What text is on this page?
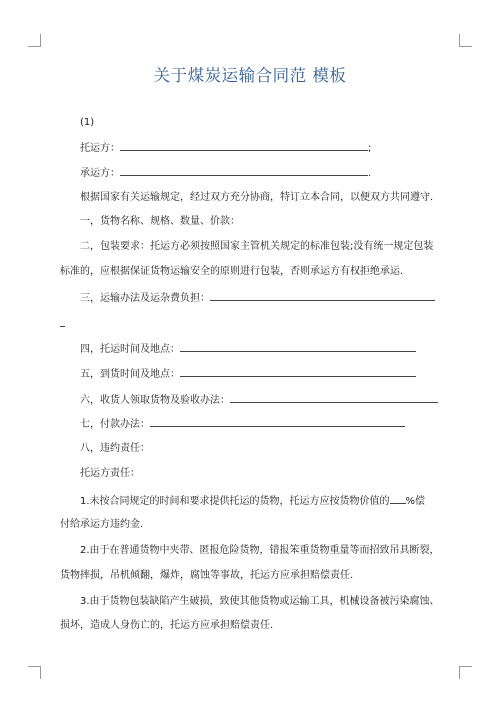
关于煤炭运输合同范 模板
(1)
托运方：	;
承运方：	.
根据国家有关运输规定，经过双方充分协商，特订立本合同，以便双方共同遵守.
一，货物名称、规格、数量、价款：
二，包装要求：托运方必须按照国家主管机关规定的标准包装;没有统一规定包装
标准的，应根据保证货物运输安全的原则进行包装，否则承运方有权拒绝承运.
三，运输办法及运杂费负担：
四，托运时间及地点：
五，到货时间及地点：
六，收货人领取货物及验收办法：
七，付款办法：
八，违约责任：
托运方责任：
1.未按合同规定的时间和要求提供托运的货物，托运方应按货物价值的 %偿
付给承运方违约金.
2.由于在普通货物中夹带、匿报危险货物，错报笨重货物重量等而招致吊具断裂，
货物摔损，吊机倾翻，爆炸，腐蚀等事故，托运方应承担赔偿责任.
3.由于货物包装缺陷产生破损，致使其他货物或运输工具，机械设备被污染腐蚀、
损坏，造成人身伤亡的，托运方应承担赔偿责任.
